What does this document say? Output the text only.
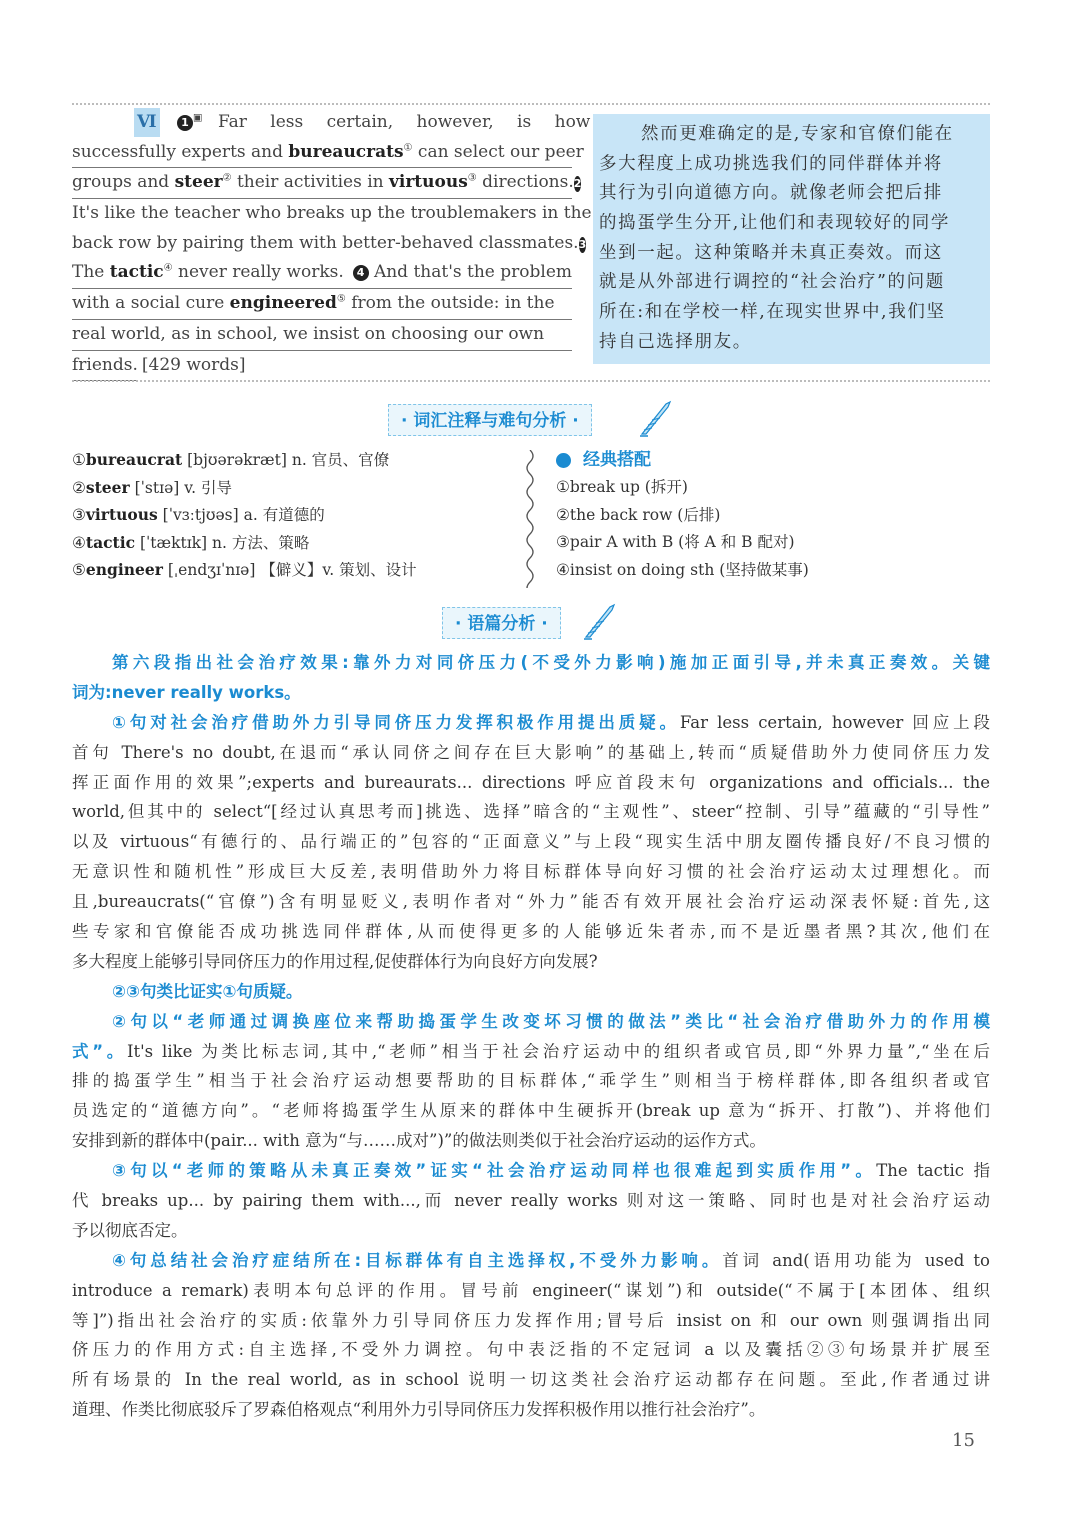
Ⅵ 1 ▣ Far less certain, however, is how
successfully experts and bureaucrats① can select our peer
groups and steer② their activities in virtuous③ directions. 2
It's like the teacher who breaks up the troublemakers in the
back row by pairing them with better-behaved classmates. 3
The tactic④ never really works.	4 And that's the problem
with a social cure engineered⑤ from the outside: in the
real world, as in school, we insist on choosing our own
friends. [429 words]
然而更难确定的是,专家和官僚们能在
多大程度上成功挑选我们的同伴群体并将
其行为引向道德方向。就像老师会把后排
的捣蛋学生分开,让他们和表现较好的同学
坐到一起。这种策略并未真正奏效。而这
就是从外部进行调控的“社会治疗”的问题
所在:和在学校一样,在现实世界中,我们坚
持自己选择朋友。
· 词汇注释与难句分析 ·
①bureaucrat [bjʊərəkræt] n. 官员、官僚
②steer [ˈstɪə] v. 引导
③virtuous [ˈvɜːtjʊəs] a. 有道德的
④tactic [ˈtæktɪk] n. 方法、策略
⑤engineer [ˌendʒɪˈnɪə] 【僻义】v. 策划、设计
经典搭配
①break up (拆开)
②the back row (后排)
③pair A with B (将 A 和 B 配对)
④insist on doing sth (坚持做某事)
· 语篇分析 ·
第六段指出社会治疗效果:靠外力对同侪压力(不受外力影响)施加正面引导,并未真正奏效。关键
词为:never really works。
①句对社会治疗借助外力引导同侪压力发挥积极作用提出质疑。Far less certain, however 回应上段
首句 There's no doubt,在退而“承认同侪之间存在巨大影响”的基础上,转而“质疑借助外力使同侪压力发
挥正面作用的效果”;experts and bureaurats... directions 呼应首段末句 organizations and officials... the
world,但其中的 select“[经过认真思考而]挑选、选择”暗含的“主观性”、steer“控制、引导”蕴藏的“引导性”
以及 virtuous“有德行的、品行端正的”包容的“正面意义”与上段“现实生活中朋友圈传播良好/不良习惯的
无意识性和随机性”形成巨大反差,表明借助外力将目标群体导向好习惯的社会治疗运动太过理想化。而
且,bureaucrats(“官僚”)含有明显贬义,表明作者对“外力”能否有效开展社会治疗运动深表怀疑:首先,这
些专家和官僚能否成功挑选同伴群体,从而使得更多的人能够近朱者赤,而不是近墨者黑?其次,他们在
多大程度上能够引导同侪压力的作用过程,促使群体行为向良好方向发展?
②③句类比证实①句质疑。
②句以“老师通过调换座位来帮助捣蛋学生改变坏习惯的做法”类比“社会治疗借助外力的作用模
式”。It's like 为类比标志词,其中,“老师”相当于社会治疗运动中的组织者或官员,即“外界力量”,“坐在后
排的捣蛋学生”相当于社会治疗运动想要帮助的目标群体,“乖学生”则相当于榜样群体,即各组织者或官
员选定的“道德方向”。“老师将捣蛋学生从原来的群体中生硬拆开(break up 意为“拆开、打散”)、并将他们
安排到新的群体中(pair... with 意为“与……成对”)”的做法则类似于社会治疗运动的运作方式。
③句以“老师的策略从未真正奏效”证实“社会治疗运动同样也很难起到实质作用”。The tactic 指
代 breaks up... by pairing them with...,而 never really works 则对这一策略、同时也是对社会治疗运动
予以彻底否定。
④句总结社会治疗症结所在:目标群体有自主选择权,不受外力影响。首词 and(语用功能为 used to
introduce a remark)表明本句总评的作用。冒号前 engineer(“谋划”)和 outside(“不属于[本团体、组织
等]”)指出社会治疗的实质:依靠外力引导同侪压力发挥作用;冒号后 insist on 和 our own 则强调指出同
侪压力的作用方式:自主选择,不受外力调控。句中表泛指的不定冠词 a 以及囊括②③句场景并扩展至
所有场景的 In the real world, as in school 说明一切这类社会治疗运动都存在问题。至此,作者通过讲
道理、作类比彻底驳斥了罗森伯格观点“利用外力引导同侪压力发挥积极作用以推行社会治疗”。
15
